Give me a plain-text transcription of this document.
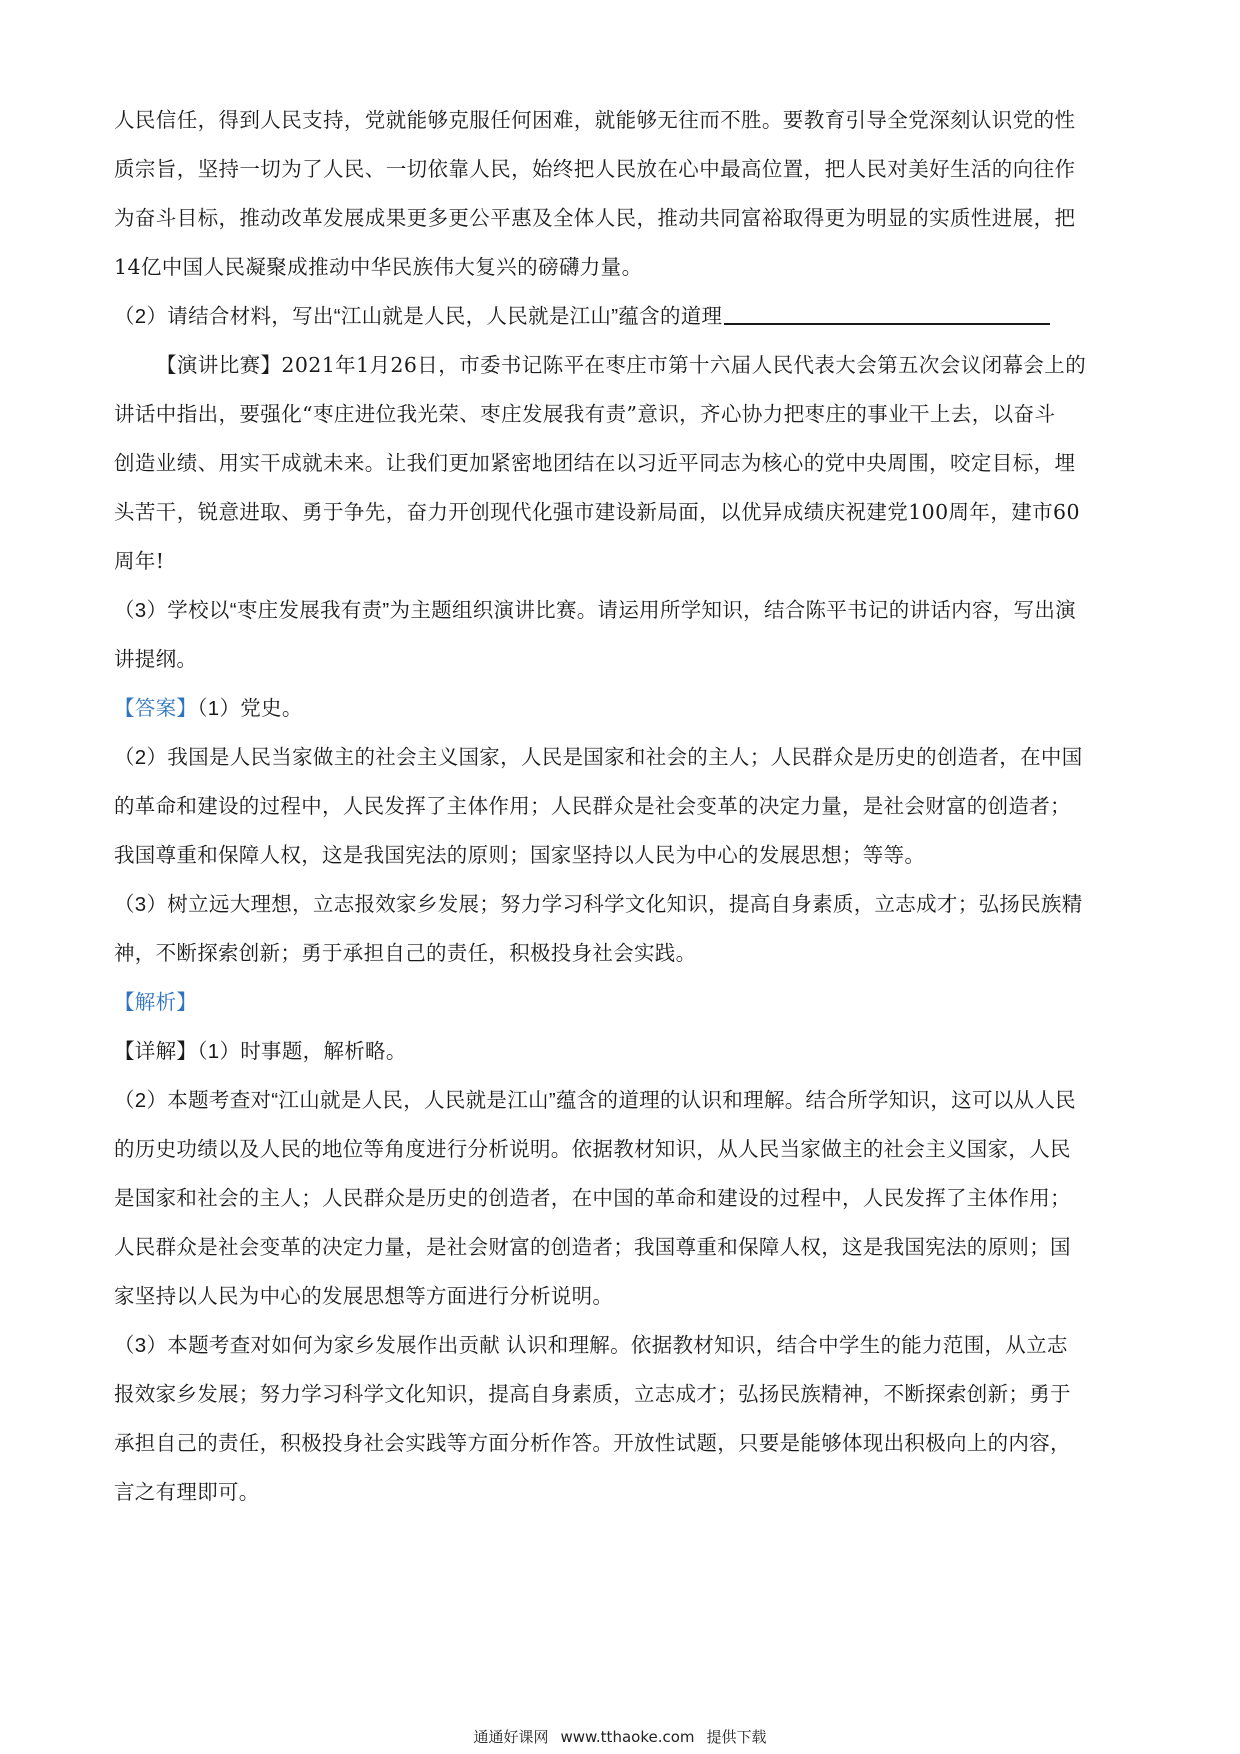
人民信任，得到人民支持，党就能够克服任何困难，就能够无往而不胜。要教育引导全党深刻认识党的性

质宗旨，坚持一切为了人民、一切依靠人民，始终把人民放在心中最高位置，把人民对美好生活的向往作

为奋斗目标，推动改革发展成果更多更公平惠及全体人民，推动共同富裕取得更为明显的实质性进展，把

14亿中国人民凝聚成推动中华民族伟大复兴的磅礴力量。

（2）请结合材料，写出“江山就是人民，人民就是江山”蕴含的道理

【演讲比赛】2021年1月26日，市委书记陈平在枣庄市第十六届人民代表大会第五次会议闭幕会上的

讲话中指出，要强化“枣庄进位我光荣、枣庄发展我有责”意识，齐心协力把枣庄的事业干上去，以奋斗

创造业绩、用实干成就未来。让我们更加紧密地团结在以习近平同志为核心的党中央周围，咬定目标，埋

头苦干，锐意进取、勇于争先，奋力开创现代化强市建设新局面，以优异成绩庆祝建党100周年，建市60

周年!

（3）学校以“枣庄发展我有责”为主题组织演讲比赛。请运用所学知识，结合陈平书记的讲话内容，写出演

讲提纲。

【答案】（1）党史。

（2）我国是人民当家做主的社会主义国家，人民是国家和社会的主人；人民群众是历史的创造者，在中国

的革命和建设的过程中，人民发挥了主体作用；人民群众是社会变革的决定力量，是社会财富的创造者；

我国尊重和保障人权，这是我国宪法的原则；国家坚持以人民为中心的发展思想；等等。

（3）树立远大理想，立志报效家乡发展；努力学习科学文化知识，提高自身素质，立志成才；弘扬民族精

神，不断探索创新；勇于承担自己的责任，积极投身社会实践。

【解析】

【详解】（1）时事题，解析略。

（2）本题考查对“江山就是人民，人民就是江山”蕴含的道理的认识和理解。结合所学知识，这可以从人民

的历史功绩以及人民的地位等角度进行分析说明。依据教材知识，从人民当家做主的社会主义国家，人民

是国家和社会的主人；人民群众是历史的创造者，在中国的革命和建设的过程中，人民发挥了主体作用；

人民群众是社会变革的决定力量，是社会财富的创造者；我国尊重和保障人权，这是我国宪法的原则；国

家坚持以人民为中心的发展思想等方面进行分析说明。

（3）本题考查对如何为家乡发展作出贡献 认识和理解。依据教材知识，结合中学生的能力范围，从立志

报效家乡发展；努力学习科学文化知识，提高自身素质，立志成才；弘扬民族精神，不断探索创新；勇于

承担自己的责任，积极投身社会实践等方面分析作答。开放性试题，只要是能够体现出积极向上的内容，

言之有理即可。

通通好课网 www.tthaoke.com 提供下载
